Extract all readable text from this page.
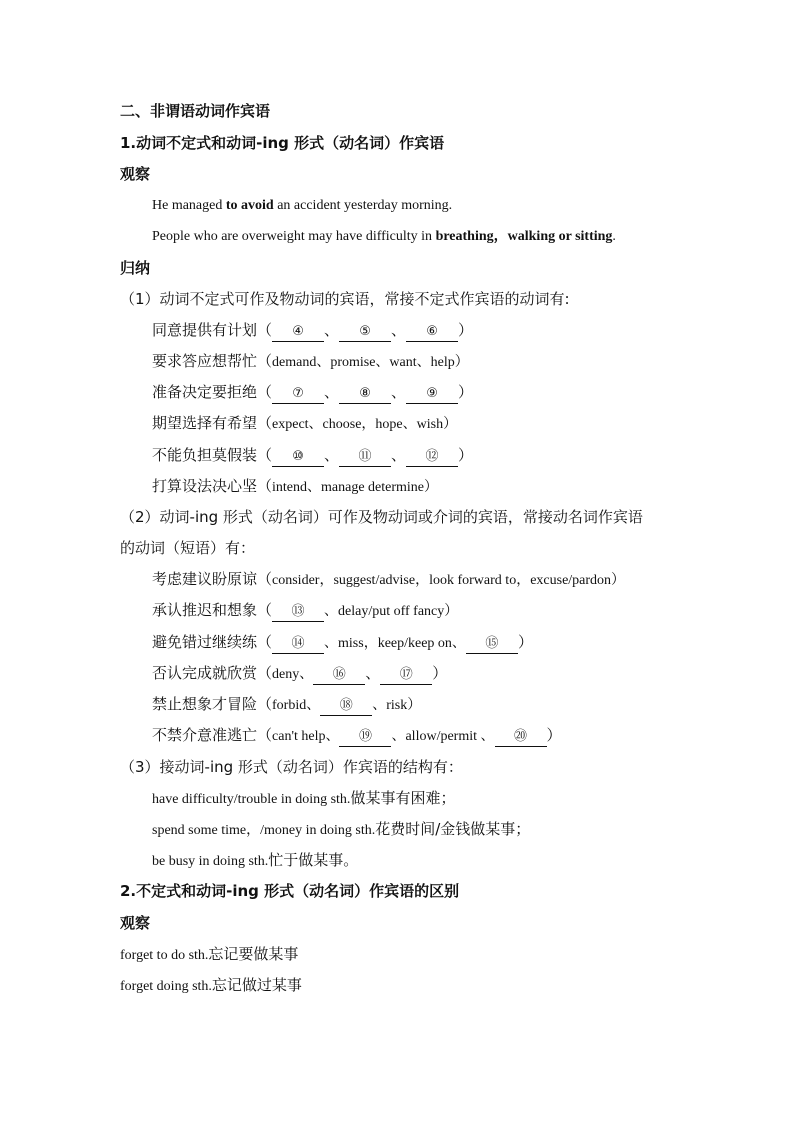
二、非谓语动词作宾语
1.动词不定式和动词-ing 形式（动名词）作宾语
观察
He managed to avoid an accident yesterday morning.
People who are overweight may have difficulty in breathing，walking or sitting.
归纳
（1）动词不定式可作及物动词的宾语，常接不定式作宾语的动词有:
同意提供有计划（ ④ 、 ⑤ 、 ⑥ ）
要求答应想帮忙（demand、promise、want、help）
准备决定要拒绝（ ⑦ 、 ⑧ 、 ⑨ ）
期望选择有希望（expect、choose，hope、wish）
不能负担莫假装（ ⑩ 、 ⑪ 、 ⑫ ）
打算设法决心坚（intend、manage determine）
（2）动词-ing 形式（动名词）可作及物动词或介词的宾语，常接动名词作宾语
的动词（短语）有：
考虑建议盼原谅（consider，suggest/advise，look forward to，excuse/pardon）
承认推迟和想象（ ⑬ 、delay/put off fancy）
避免错过继续练（ ⑭ 、miss，keep/keep on、 ⑮ ）
否认完成就欣赏（deny、 ⑯ 、 ⑰ ）
禁止想象才冒险（forbid、 ⑱ 、risk）
不禁介意准逃亡（can't help、 ⑲ 、allow/permit 、 ⑳ ）
（3）接动词-ing 形式（动名词）作宾语的结构有：
have difficulty/trouble in doing sth.做某事有困难；
spend some time，/money in doing sth.花费时间/金钱做某事；
be busy in doing sth.忙于做某事。
2.不定式和动词-ing 形式（动名词）作宾语的区别
观察
forget to do sth.忘记要做某事
forget doing sth.忘记做过某事
